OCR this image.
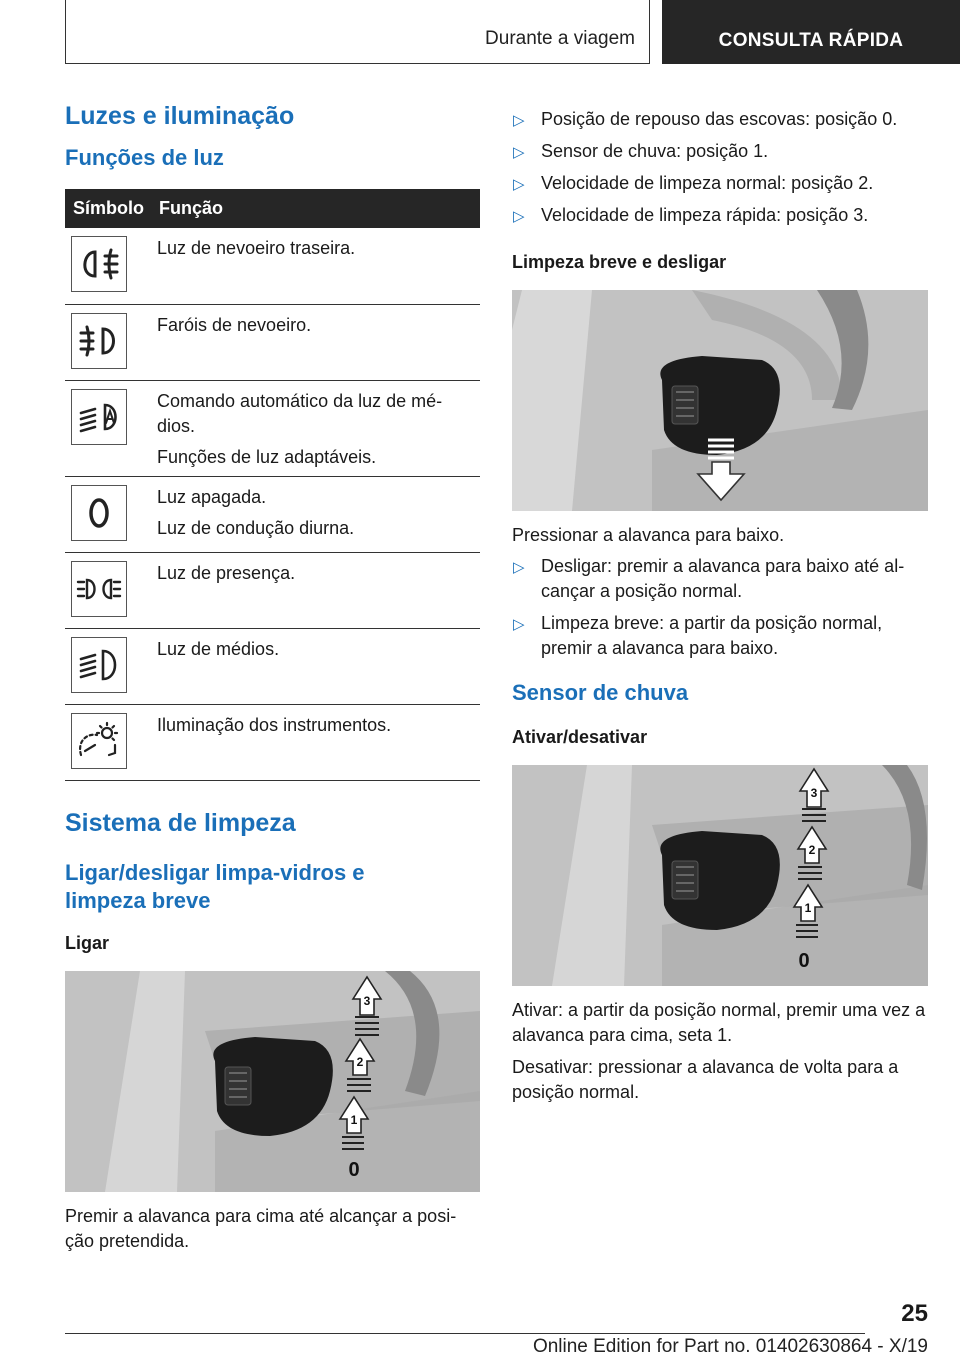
Durante a viagem	CONSULTA RÁPIDA
Luzes e iluminação
Funções de luz
Símbolo	Função

Luz de nevoeiro traseira.

Faróis de nevoeiro.

Comando automático da luz de mé-dios.
Funções de luz adaptáveis.

Luz apagada.
Luz de condução diurna.

Luz de presença.

Luz de médios.

Iluminação dos instrumentos.
Sistema de limpeza
Ligar/desligar limpa-vidros e limpeza breve
Ligar
3
2
1
0
Premir a alavanca para cima até alcançar a posi-ção pretendida.
▷ Posição de repouso das escovas: posição 0.
▷ Sensor de chuva: posição 1.
▷ Velocidade de limpeza normal: posição 2.
▷ Velocidade de limpeza rápida: posição 3.
Limpeza breve e desligar
Pressionar a alavanca para baixo.
▷ Desligar: premir a alavanca para baixo até al-cançar a posição normal.
▷ Limpeza breve: a partir da posição normal, premir a alavanca para baixo.
Sensor de chuva
Ativar/desativar
3
2
1
0
Ativar: a partir da posição normal, premir uma vez a alavanca para cima, seta 1.
Desativar: pressionar a alavanca de volta para a posição normal.
25
Online Edition for Part no. 01402630864 - X/19
